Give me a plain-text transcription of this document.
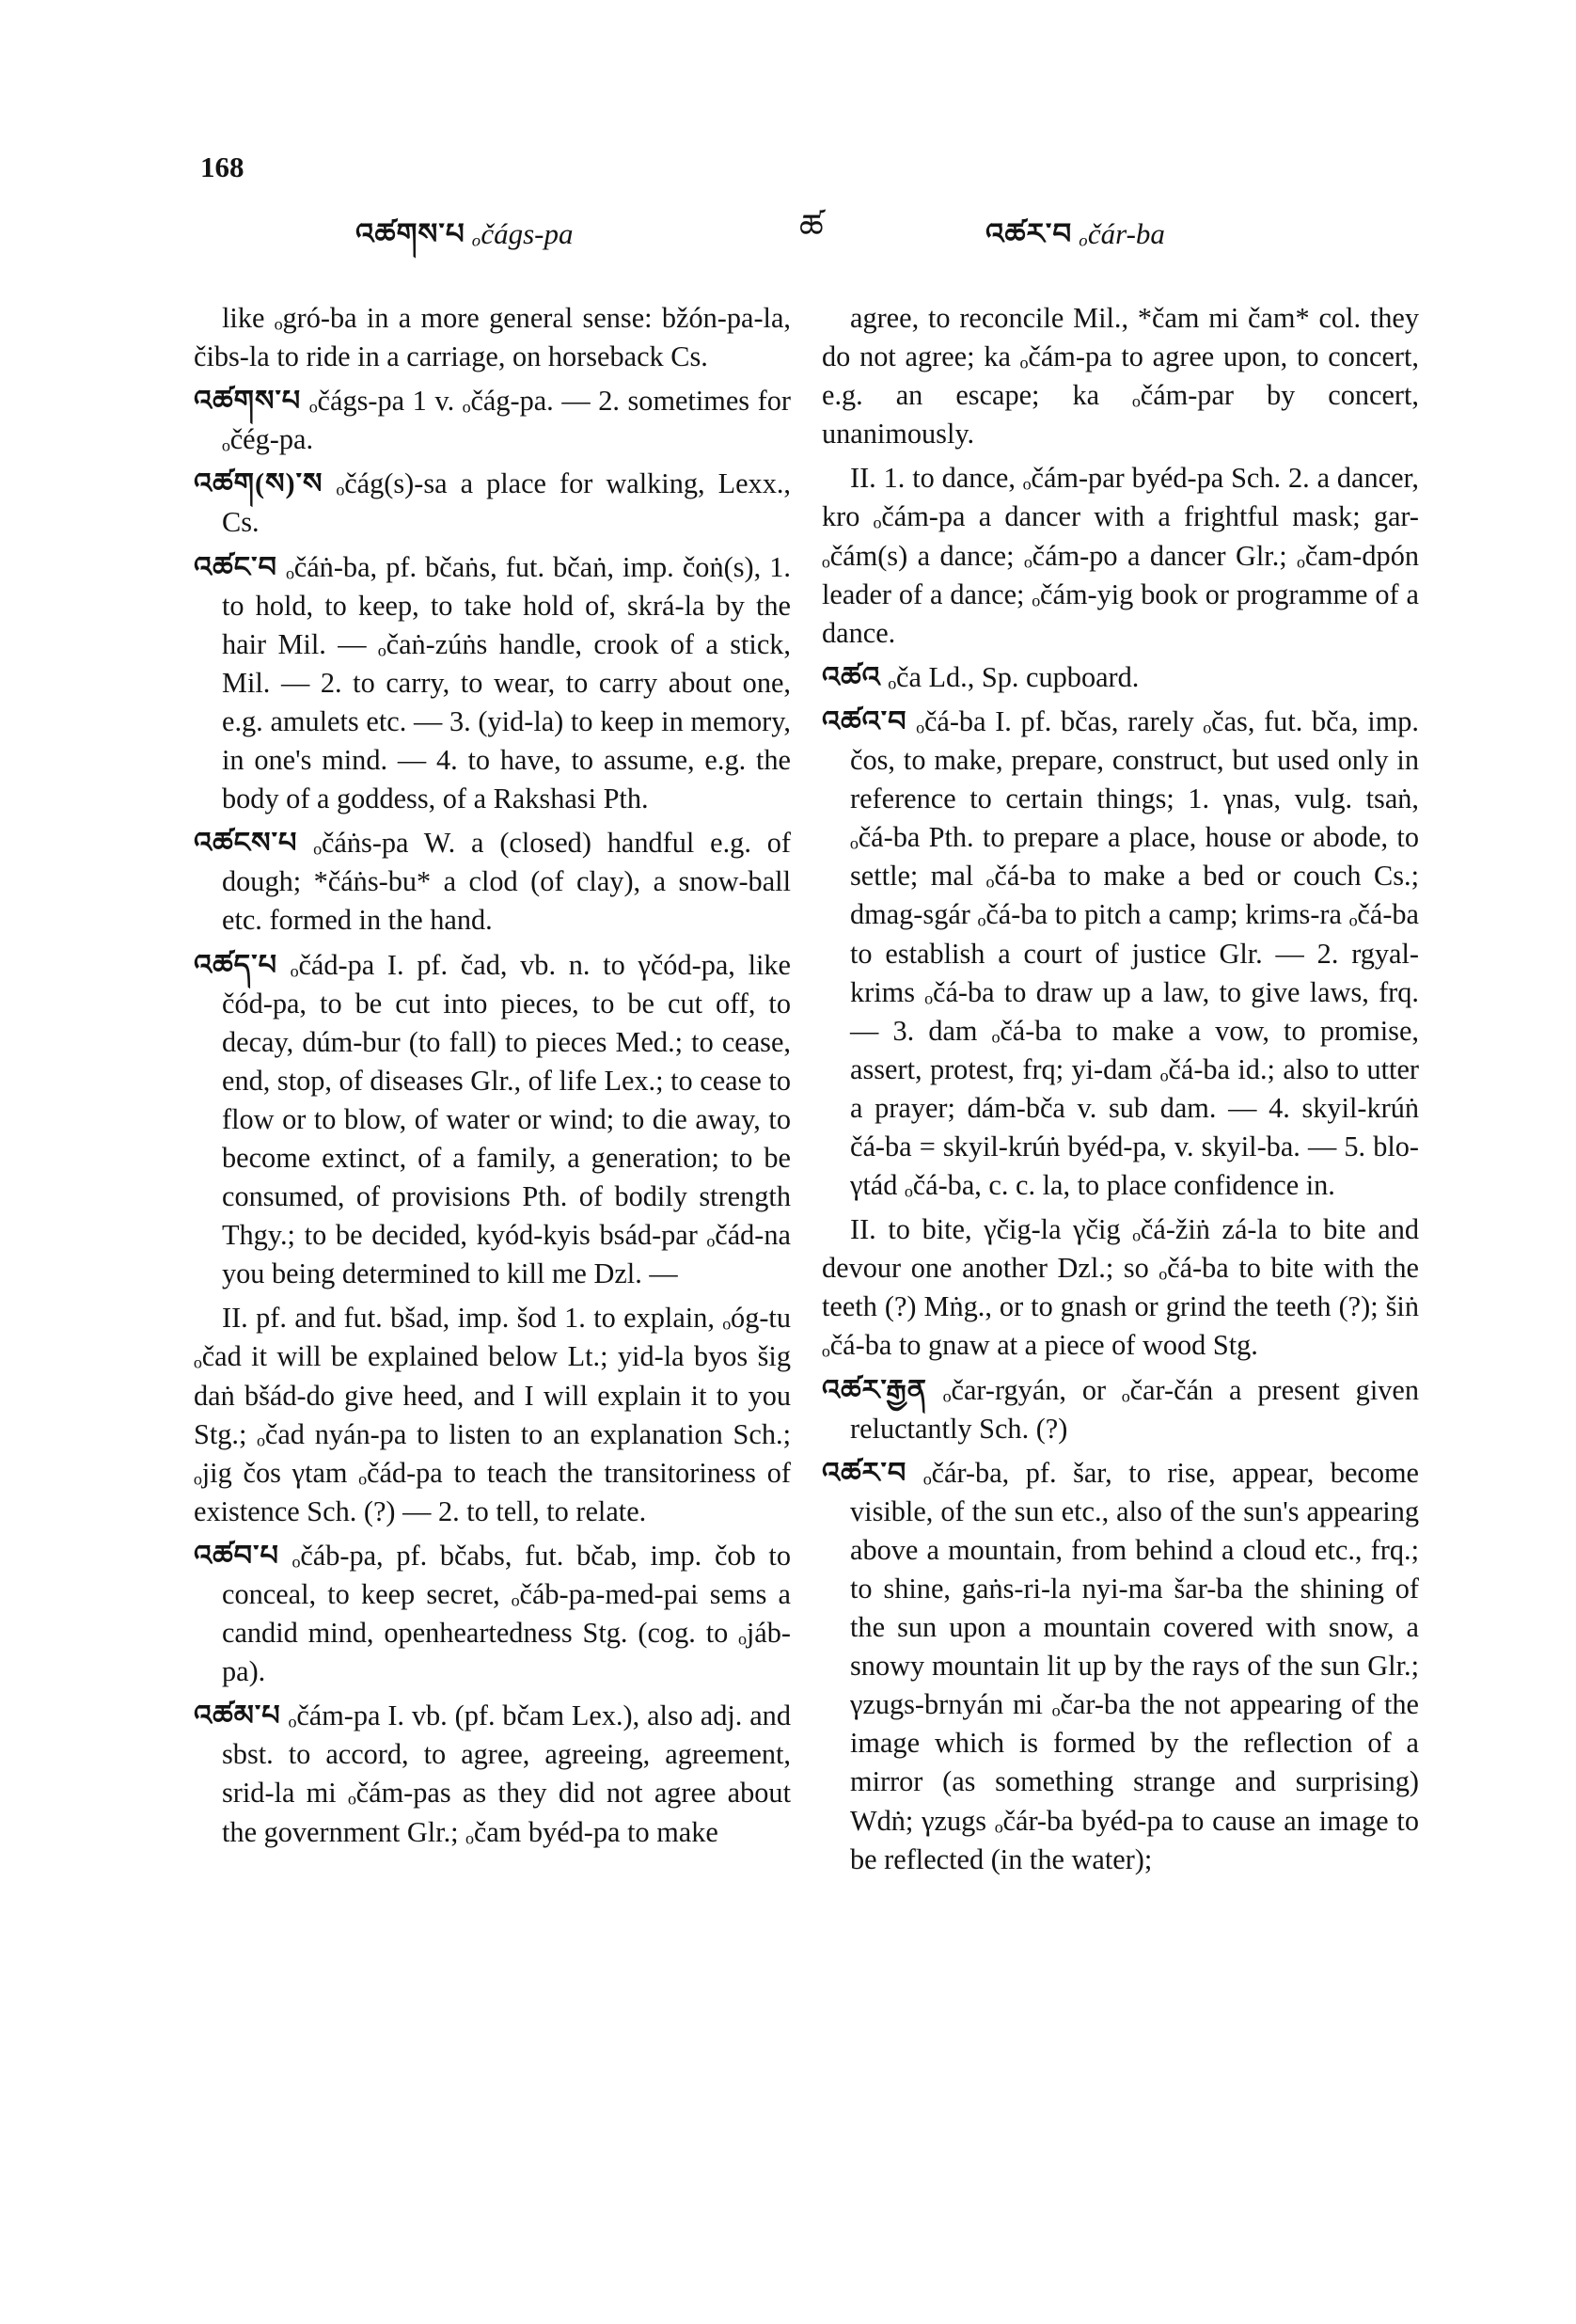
168
ཚ
འཚགས་པ ₒčágs-pa	འཚར་བ ₒčár-ba

like ₒgró-ba in a more general sense: bžón-pa-la, čibs-la to ride in a carriage, on horseback Cs.

འཚགས་པ ₒčágs-pa 1 v. ₒčág-pa. — 2. sometimes for ₒčég-pa.

འཚག(ས)་ས ₒčág(s)-sa a place for walking, Lexx., Cs.

འཚང་བ ₒčáṅ-ba, pf. bčaṅs, fut. bčaṅ, imp. čoṅ(s), 1. to hold, to keep, to take hold of, skrá-la by the hair Mil. — ₒčaṅ-zúṅs handle, crook of a stick, Mil. — 2. to carry, to wear, to carry about one, e.g. amulets etc. — 3. (yid-la) to keep in memory, in one's mind. — 4. to have, to assume, e.g. the body of a goddess, of a Rakshasi Pth.

འཚངས་པ ₒčáṅs-pa W. a (closed) handful e.g. of dough; *čáṅs-bu* a clod (of clay), a snow-ball etc. formed in the hand.

འཚད་པ ₒčád-pa I. pf. čad, vb. n. to γčód-pa, like čód-pa, to be cut into pieces, to be cut off, to decay, dúm-bur (to fall) to pieces Med.; to cease, end, stop, of diseases Glr., of life Lex.; to cease to flow or to blow, of water or wind; to die away, to become extinct, of a family, a generation; to be consumed, of provisions Pth. of bodily strength Thgy.; to be decided, kyód-kyis bsád-par ₒčád-na you being determined to kill me Dzl. —

II. pf. and fut. bšad, imp. šod 1. to explain, ₒóg-tu ₒčad it will be explained below Lt.; yid-la byos šig daṅ bšád-do give heed, and I will explain it to you Stg.; ₒčad nyán-pa to listen to an explanation Sch.; ₒjig čos γtam ₒčád-pa to teach the transitoriness of existence Sch. (?) — 2. to tell, to relate.

འཚབ་པ ₒčáb-pa, pf. bčabs, fut. bčab, imp. čob to conceal, to keep secret, ₒčáb-pa-med-pai sems a candid mind, openheartedness Stg. (cog. to ₒjáb-pa).

འཚམ་པ ₒčám-pa I. vb. (pf. bčam Lex.), also adj. and sbst. to accord, to agree, agreeing, agreement, srid-la mi ₒčám-pas as they did not agree about the government Glr.; ₒčam byéd-pa to make

agree, to reconcile Mil., *čam mi čam* col. they do not agree; ka ₒčám-pa to agree upon, to concert, e.g. an escape; ka ₒčám-par by concert, unanimously.

II. 1. to dance, ₒčám-par byéd-pa Sch. 2. a dancer, kro ₒčám-pa a dancer with a frightful mask; gar-ₒčám(s) a dance; ₒčám-po a dancer Glr.; ₒčam-dpón leader of a dance; ₒčám-yig book or programme of a dance.

འཚའ ₒča Ld., Sp. cupboard.

འཚའ་བ ₒčá-ba I. pf. bčas, rarely ₒčas, fut. bča, imp. čos, to make, prepare, construct, but used only in reference to certain things; 1. γnas, vulg. tsaṅ, ₒčá-ba Pth. to prepare a place, house or abode, to settle; mal ₒčá-ba to make a bed or couch Cs.; dmag-sgár ₒčá-ba to pitch a camp; krims-ra ₒčá-ba to establish a court of justice Glr. — 2. rgyal-krims ₒčá-ba to draw up a law, to give laws, frq. — 3. dam ₒčá-ba to make a vow, to promise, assert, protest, frq; yi-dam ₒčá-ba id.; also to utter a prayer; dám-bča v. sub dam. — 4. skyil-krúṅ čá-ba = skyil-krúṅ byéd-pa, v. skyil-ba. — 5. blo-γtád ₒčá-ba, c. c. la, to place confidence in.

II. to bite, γčig-la γčig ₒčá-žiṅ zá-la to bite and devour one another Dzl.; so ₒčá-ba to bite with the teeth (?) Mṅg., or to gnash or grind the teeth (?); šiṅ ₒčá-ba to gnaw at a piece of wood Stg.

འཚར་རྒྱན ₒčar-rgyán, or ₒčar-čán a present given reluctantly Sch. (?)

འཚར་བ ₒčár-ba, pf. šar, to rise, appear, become visible, of the sun etc., also of the sun's appearing above a mountain, from behind a cloud etc., frq.; to shine, gaṅs-ri-la nyi-ma šar-ba the shining of the sun upon a mountain covered with snow, a snowy mountain lit up by the rays of the sun Glr.; γzugs-brnyán mi ₒčar-ba the not appearing of the image which is formed by the reflection of a mirror (as something strange and surprising) Wdṅ; γzugs ₒčár-ba byéd-pa to cause an image to be reflected (in the water);
